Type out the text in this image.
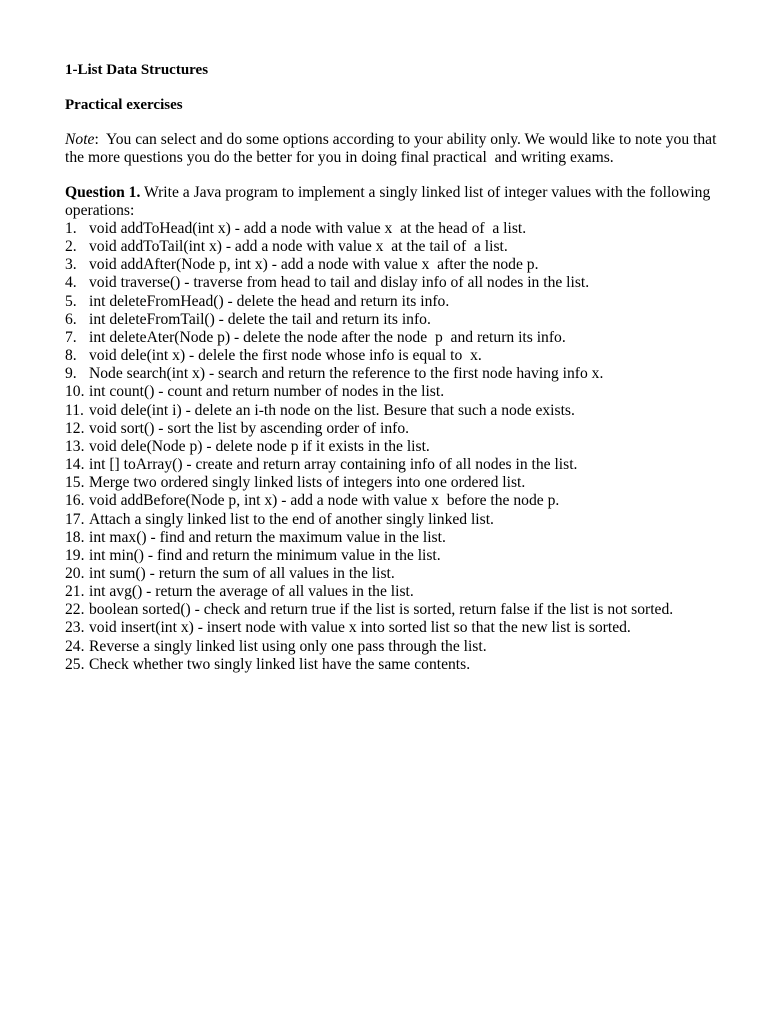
1-List Data Structures
Practical exercises

Note:  You can select and do some options according to your ability only. We would like to note you that the more questions you do the better for you in doing final practical  and writing exams.

Question 1. Write a Java program to implement a singly linked list of integer values with the following operations:

1. void addToHead(int x) - add a node with value x  at the head of  a list.
2. void addToTail(int x) - add a node with value x  at the tail of  a list.
3. void addAfter(Node p, int x) - add a node with value x  after the node p.
4. void traverse() - traverse from head to tail and dislay info of all nodes in the list.
5. int deleteFromHead() - delete the head and return its info.
6. int deleteFromTail() - delete the tail and return its info.
7. int deleteAter(Node p) - delete the node after the node  p  and return its info.
8. void dele(int x) - delele the first node whose info is equal to  x.
9. Node search(int x) - search and return the reference to the first node having info x.
10. int count() - count and return number of nodes in the list.
11. void dele(int i) - delete an i-th node on the list. Besure that such a node exists.
12. void sort() - sort the list by ascending order of info.
13. void dele(Node p) - delete node p if it exists in the list.
14. int [] toArray() - create and return array containing info of all nodes in the list.
15. Merge two ordered singly linked lists of integers into one ordered list.
16. void addBefore(Node p, int x) - add a node with value x  before the node p.
17. Attach a singly linked list to the end of another singly linked list.
18. int max() - find and return the maximum value in the list.
19. int min() - find and return the minimum value in the list.
20. int sum() - return the sum of all values in the list.
21. int avg() - return the average of all values in the list.
22. boolean sorted() - check and return true if the list is sorted, return false if the list is not sorted.
23. void insert(int x) - insert node with value x into sorted list so that the new list is sorted.
24. Reverse a singly linked list using only one pass through the list.
25. Check whether two singly linked list have the same contents.
